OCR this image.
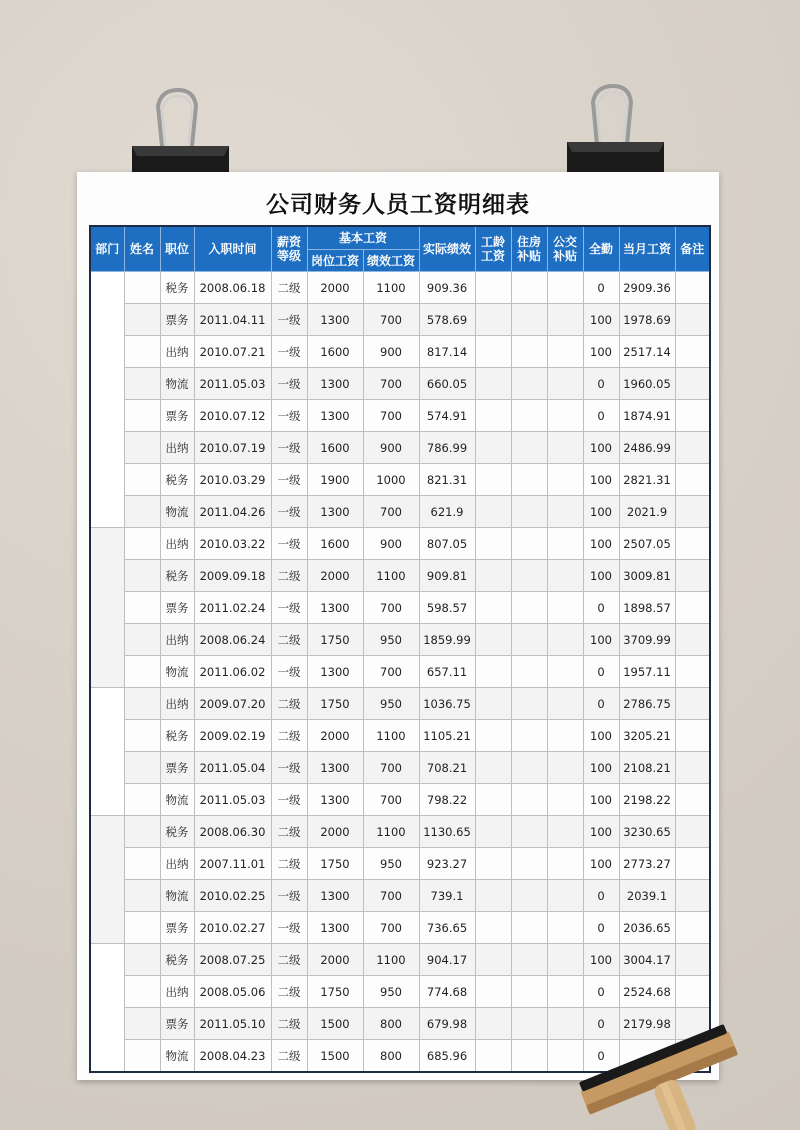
公司财务人员工资明细表
部门	姓名	职位	入职时间	薪资等级	基本工资		实际绩效	工龄工资	住房补贴	公交补贴	全勤	当月工资	备注
					岗位工资	绩效工资							
		税务	2008.06.18	二级	2000	1100	909.36				0	2909.36	
		票务	2011.04.11	一级	1300	700	578.69				100	1978.69	
		出纳	2010.07.21	一级	1600	900	817.14				100	2517.14	
		物流	2011.05.03	一级	1300	700	660.05				0	1960.05	
		票务	2010.07.12	一级	1300	700	574.91				0	1874.91	
		出纳	2010.07.19	一级	1600	900	786.99				100	2486.99	
		税务	2010.03.29	一级	1900	1000	821.31				100	2821.31	
		物流	2011.04.26	一级	1300	700	621.9				100	2021.9	
		出纳	2010.03.22	一级	1600	900	807.05				100	2507.05	
		税务	2009.09.18	二级	2000	1100	909.81				100	3009.81	
		票务	2011.02.24	一级	1300	700	598.57				0	1898.57	
		出纳	2008.06.24	二级	1750	950	1859.99				100	3709.99	
		物流	2011.06.02	一级	1300	700	657.11				0	1957.11	
		出纳	2009.07.20	二级	1750	950	1036.75				0	2786.75	
		税务	2009.02.19	二级	2000	1100	1105.21				100	3205.21	
		票务	2011.05.04	一级	1300	700	708.21				100	2108.21	
		物流	2011.05.03	一级	1300	700	798.22				100	2198.22	
		税务	2008.06.30	二级	2000	1100	1130.65				100	3230.65	
		出纳	2007.11.01	二级	1750	950	923.27				100	2773.27	
		物流	2010.02.25	一级	1300	700	739.1				0	2039.1	
		票务	2010.02.27	一级	1300	700	736.65				0	2036.65	
		税务	2008.07.25	二级	2000	1100	904.17				100	3004.17	
		出纳	2008.05.06	二级	1750	950	774.68				0	2524.68	
		票务	2011.05.10	二级	1500	800	679.98				0	2179.98	
		物流	2008.04.23	二级	1500	800	685.96				0		
